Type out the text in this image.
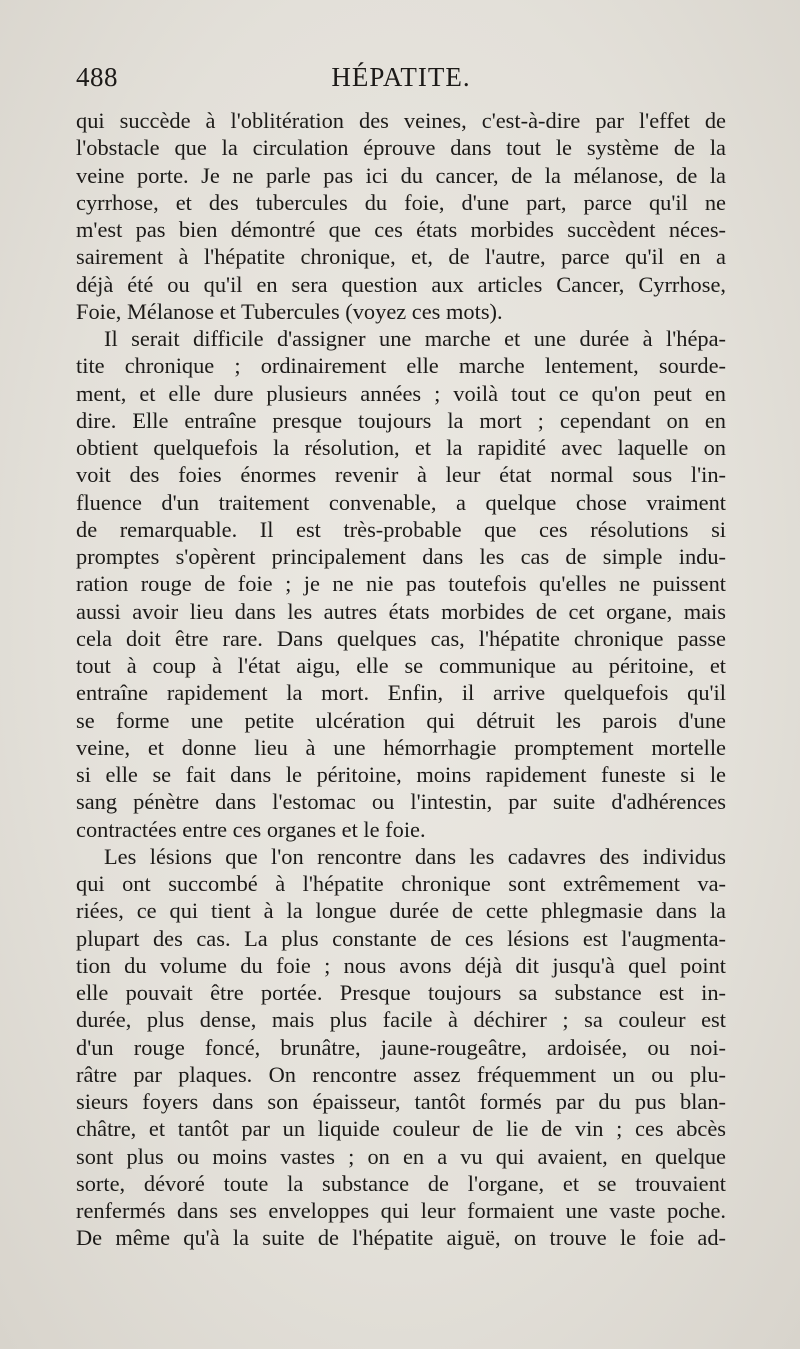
488	HÉPATITE.
qui succède à l'oblitération des veines, c'est-à-dire par l'effet de
l'obstacle que la circulation éprouve dans tout le système de la
veine porte. Je ne parle pas ici du cancer, de la mélanose, de la
cyrrhose, et des tubercules du foie, d'une part, parce qu'il ne
m'est pas bien démontré que ces états morbides succèdent néces-
sairement à l'hépatite chronique, et, de l'autre, parce qu'il en a
déjà été ou qu'il en sera question aux articles Cancer, Cyrrhose,
Foie, Mélanose et Tubercules (voyez ces mots).
Il serait difficile d'assigner une marche et une durée à l'hépa-
tite chronique ; ordinairement elle marche lentement, sourde-
ment, et elle dure plusieurs années ; voilà tout ce qu'on peut en
dire. Elle entraîne presque toujours la mort ; cependant on en
obtient quelquefois la résolution, et la rapidité avec laquelle on
voit des foies énormes revenir à leur état normal sous l'in-
fluence d'un traitement convenable, a quelque chose vraiment
de remarquable. Il est très-probable que ces résolutions si
promptes s'opèrent principalement dans les cas de simple indu-
ration rouge de foie ; je ne nie pas toutefois qu'elles ne puissent
aussi avoir lieu dans les autres états morbides de cet organe, mais
cela doit être rare. Dans quelques cas, l'hépatite chronique passe
tout à coup à l'état aigu, elle se communique au péritoine, et
entraîne rapidement la mort. Enfin, il arrive quelquefois qu'il
se forme une petite ulcération qui détruit les parois d'une
veine, et donne lieu à une hémorrhagie promptement mortelle
si elle se fait dans le péritoine, moins rapidement funeste si le
sang pénètre dans l'estomac ou l'intestin, par suite d'adhérences
contractées entre ces organes et le foie.
Les lésions que l'on rencontre dans les cadavres des individus
qui ont succombé à l'hépatite chronique sont extrêmement va-
riées, ce qui tient à la longue durée de cette phlegmasie dans la
plupart des cas. La plus constante de ces lésions est l'augmenta-
tion du volume du foie ; nous avons déjà dit jusqu'à quel point
elle pouvait être portée. Presque toujours sa substance est in-
durée, plus dense, mais plus facile à déchirer ; sa couleur est
d'un rouge foncé, brunâtre, jaune-rougeâtre, ardoisée, ou noi-
râtre par plaques. On rencontre assez fréquemment un ou plu-
sieurs foyers dans son épaisseur, tantôt formés par du pus blan-
châtre, et tantôt par un liquide couleur de lie de vin ; ces abcès
sont plus ou moins vastes ; on en a vu qui avaient, en quelque
sorte, dévoré toute la substance de l'organe, et se trouvaient
renfermés dans ses enveloppes qui leur formaient une vaste poche.
De même qu'à la suite de l'hépatite aiguë, on trouve le foie ad-
